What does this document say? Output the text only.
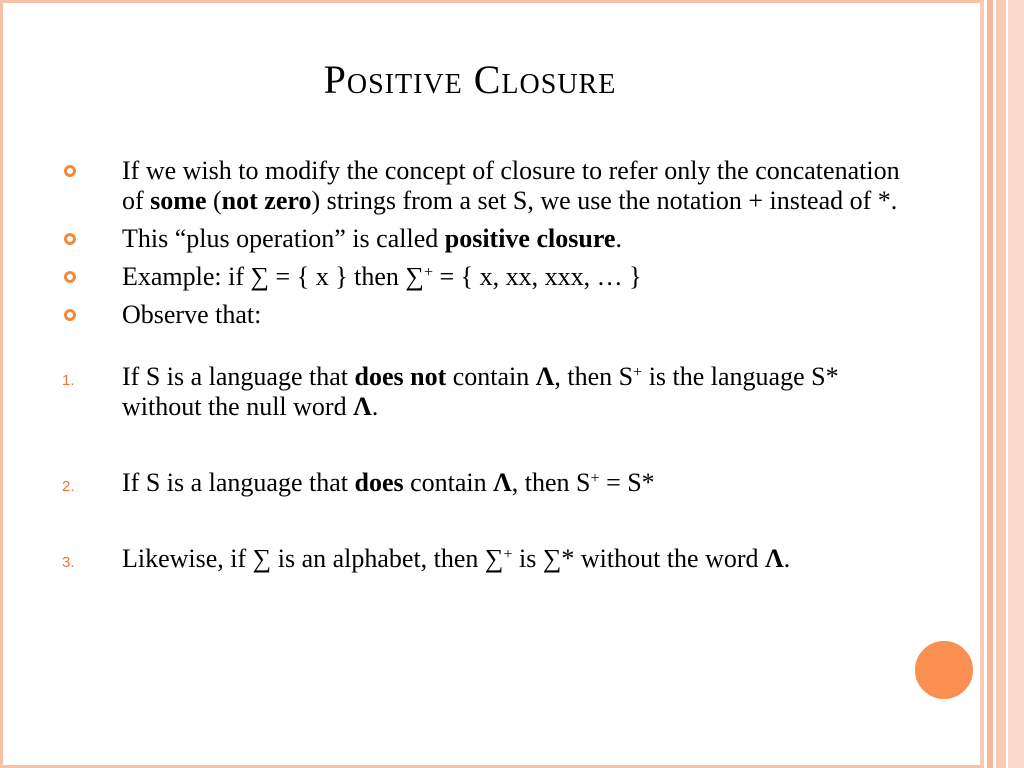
Positive Closure
If we wish to modify the concept of closure to refer only the concatenation of some (not zero) strings from a set S, we use the notation + instead of *.
This “plus operation” is called positive closure.
Example: if ∑ = { x } then ∑+ = { x, xx, xxx, … }
Observe that:
1. If S is a language that does not contain Λ, then S+ is the language S* without the null word Λ.
2. If S is a language that does contain Λ, then S+ = S*
3. Likewise, if ∑ is an alphabet, then ∑+ is ∑* without the word Λ.
